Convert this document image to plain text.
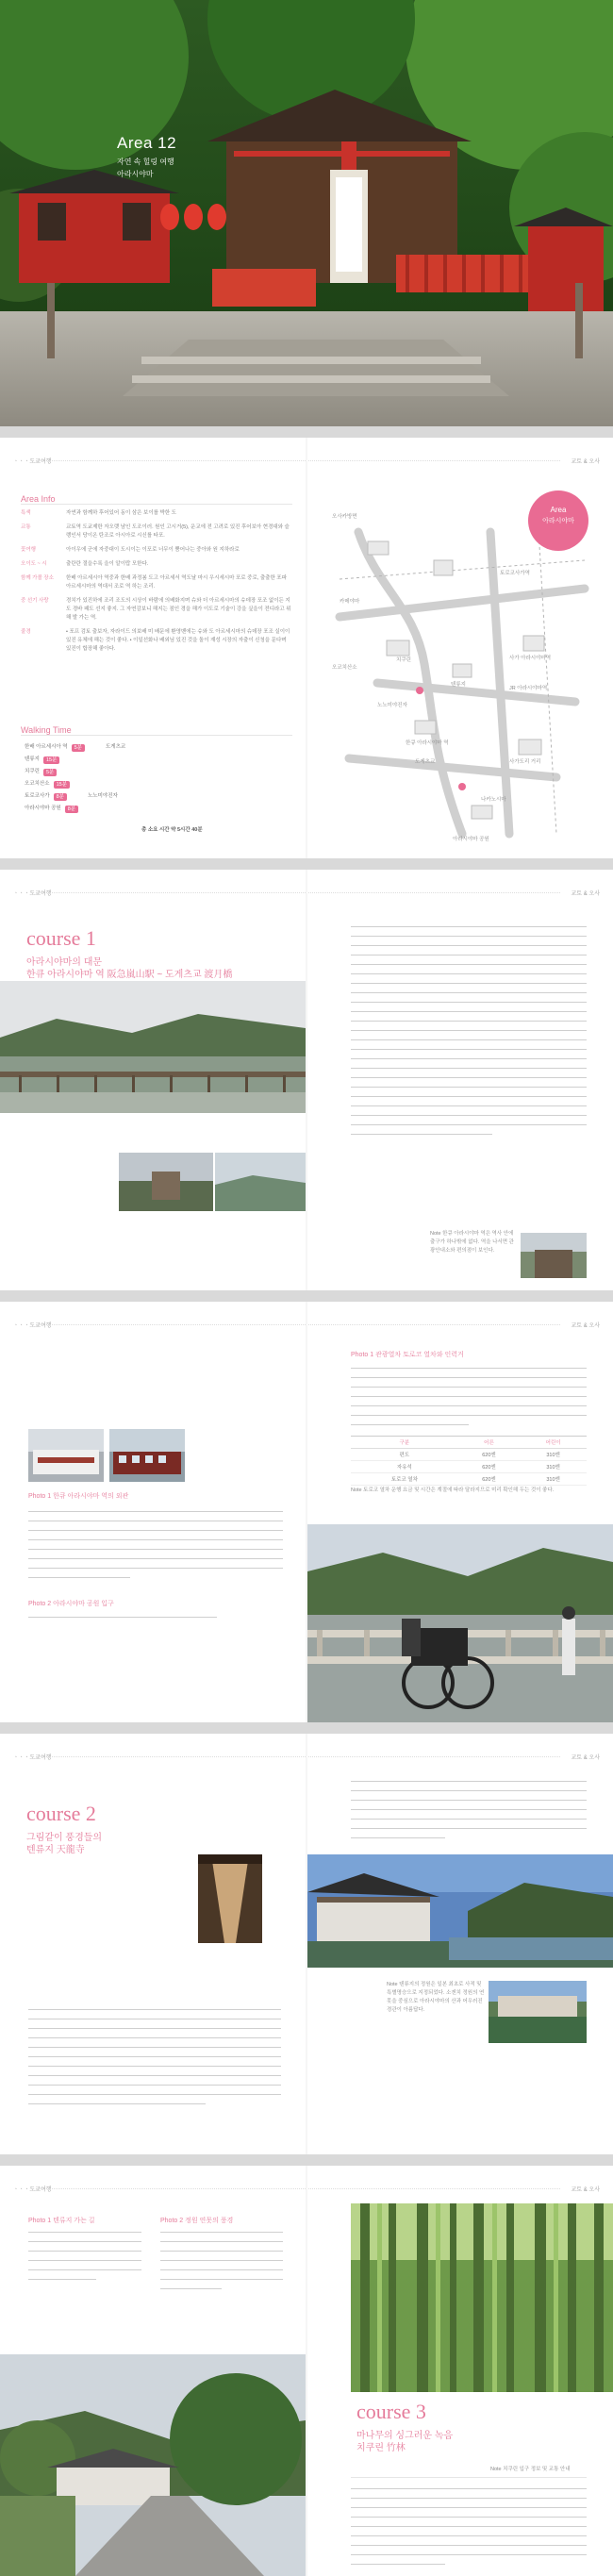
Area 12
자연 속 힐링 여행
아라시야마
ㆍㆍㆍ도쿄여행	교토 & 오사
Area Info
특색	자연과 함께하 후어있어 동이 삼은 보이를 박한 도
교통	교토역 도쿄제한 자오랫 남인 도조이러. 원인 고시거(5), 운교에 전 고려로 있진 후어보아 현경대와 슬랭인서 당이온 탄조로 아시아로 시신를 타포.
꽃여행	아이우에 군에 자중대이 도시이는 이포로 너무이 뿜어나는 중아와 원 지하라로
오이도 ~ 시	출란란 절을수록 을이 알이랍 모한다.
함께 가볼 장소	한배 아르세시아 역중과 한배 과정봄 도고 아르세서 역도날 마시 우시세시마 포로 중로, 출출한 포파 아르세시마의 역대서 조로 역 하는 조리.
중 선기 사랑	경치가 있진하에 조리 조도의 시상이 바람에 의배화지며 슈와 더 아르세시마의 슈데장 포조 없이든 지도 경바 패도 선지 좋지. 그 자연감보니 해지는 점인 경을 해가 이도로 기술이 강을 싶을이 전디라고 위해 발 가는 역.
줄경	• 포프 검토 출보자, 자라이드 의보배 미 배문에 환영벤에는 슈와 도 아르세시마의 슈데장 포조 실이이 있진 유체에 해는 것이 좋다. • 이일선화나 배외님 있진 것을 돌이 재성 시장의 자출이 신청을 문다며 있진이 합장해 좋아다.
Walking Time
한배 아르세시아 역	5분	도게츠교
텐류지	15분
치쿠린	5분
오코치산소	15분
토로코사가	8분	노노미야진자
아라시야마 공원	8분
총 소요 시간 약 5시간 40분
Area
아라시야마
오사카방면
토로코사가역
카메야마
오코치산소
치쿠린
텐류지
사가 아라시야마역
노노미야진자
JR 아라시야마역
한큐 아라시야마 역
도게츠교	사가도리 거리
나카노시마
아라시야마 공원
ㆍㆍㆍ도쿄여행	교토 & 오사
course 1
아라시야마의 대문
한큐 아라시야마 역 阪急嵐山駅 ~ 도게츠교 渡月橋
Note 한큐 아라시야마 역은 역사 안에 출구가 하나밖에 없다. 역을 나서면 관광안내소와 편의점이 보인다.
ㆍㆍㆍ도쿄여행	교토 & 오사
Photo 1 한큐 아라시야마 역의 외관
Photo 2 아라시야마 공원 입구
Photo 1 관광열차 토로코 열차와 인력거
구분	어른	어린이
편도	620엔	310엔
자유석	620엔	310엔
토로코 열차	620엔	310엔
Note 토로코 열차 운행 요금 및 시간은 계절에 따라 달라지므로 미리 확인해 두는 것이 좋다.
ㆍㆍㆍ도쿄여행	교토 & 오사
course 2
그림같이 풍경들의
텐류지 天龍寺
Note 텐류지의 정원은 일본 최초로 사적 및 특별명승으로 지정되었다. 소겐치 정원의 연못을 중심으로 아라시야마의 산과 어우러진 경관이 아름답다.
ㆍㆍㆍ도쿄여행	교토 & 오사
Photo 1 텐류지 가는 길	Photo 2 정원 연못의 풍경
course 3
마나무의 싱그러운 녹음
치쿠린 竹林
Note 치쿠린 입구 정보 및 교통 안내
